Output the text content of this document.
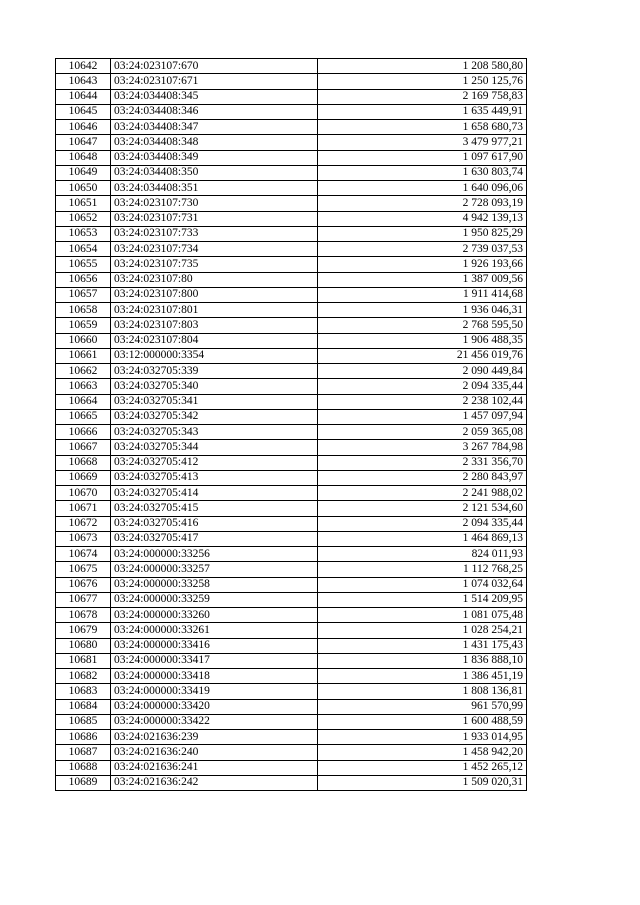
10642	03:24:023107:670	1 208 580,80
10643	03:24:023107:671	1 250 125,76
10644	03:24:034408:345	2 169 758,83
10645	03:24:034408:346	1 635 449,91
10646	03:24:034408:347	1 658 680,73
10647	03:24:034408:348	3 479 977,21
10648	03:24:034408:349	1 097 617,90
10649	03:24:034408:350	1 630 803,74
10650	03:24:034408:351	1 640 096,06
10651	03:24:023107:730	2 728 093,19
10652	03:24:023107:731	4 942 139,13
10653	03:24:023107:733	1 950 825,29
10654	03:24:023107:734	2 739 037,53
10655	03:24:023107:735	1 926 193,66
10656	03:24:023107:80	1 387 009,56
10657	03:24:023107:800	1 911 414,68
10658	03:24:023107:801	1 936 046,31
10659	03:24:023107:803	2 768 595,50
10660	03:24:023107:804	1 906 488,35
10661	03:12:000000:3354	21 456 019,76
10662	03:24:032705:339	2 090 449,84
10663	03:24:032705:340	2 094 335,44
10664	03:24:032705:341	2 238 102,44
10665	03:24:032705:342	1 457 097,94
10666	03:24:032705:343	2 059 365,08
10667	03:24:032705:344	3 267 784,98
10668	03:24:032705:412	2 331 356,70
10669	03:24:032705:413	2 280 843,97
10670	03:24:032705:414	2 241 988,02
10671	03:24:032705:415	2 121 534,60
10672	03:24:032705:416	2 094 335,44
10673	03:24:032705:417	1 464 869,13
10674	03:24:000000:33256	824 011,93
10675	03:24:000000:33257	1 112 768,25
10676	03:24:000000:33258	1 074 032,64
10677	03:24:000000:33259	1 514 209,95
10678	03:24:000000:33260	1 081 075,48
10679	03:24:000000:33261	1 028 254,21
10680	03:24:000000:33416	1 431 175,43
10681	03:24:000000:33417	1 836 888,10
10682	03:24:000000:33418	1 386 451,19
10683	03:24:000000:33419	1 808 136,81
10684	03:24:000000:33420	961 570,99
10685	03:24:000000:33422	1 600 488,59
10686	03:24:021636:239	1 933 014,95
10687	03:24:021636:240	1 458 942,20
10688	03:24:021636:241	1 452 265,12
10689	03:24:021636:242	1 509 020,31
